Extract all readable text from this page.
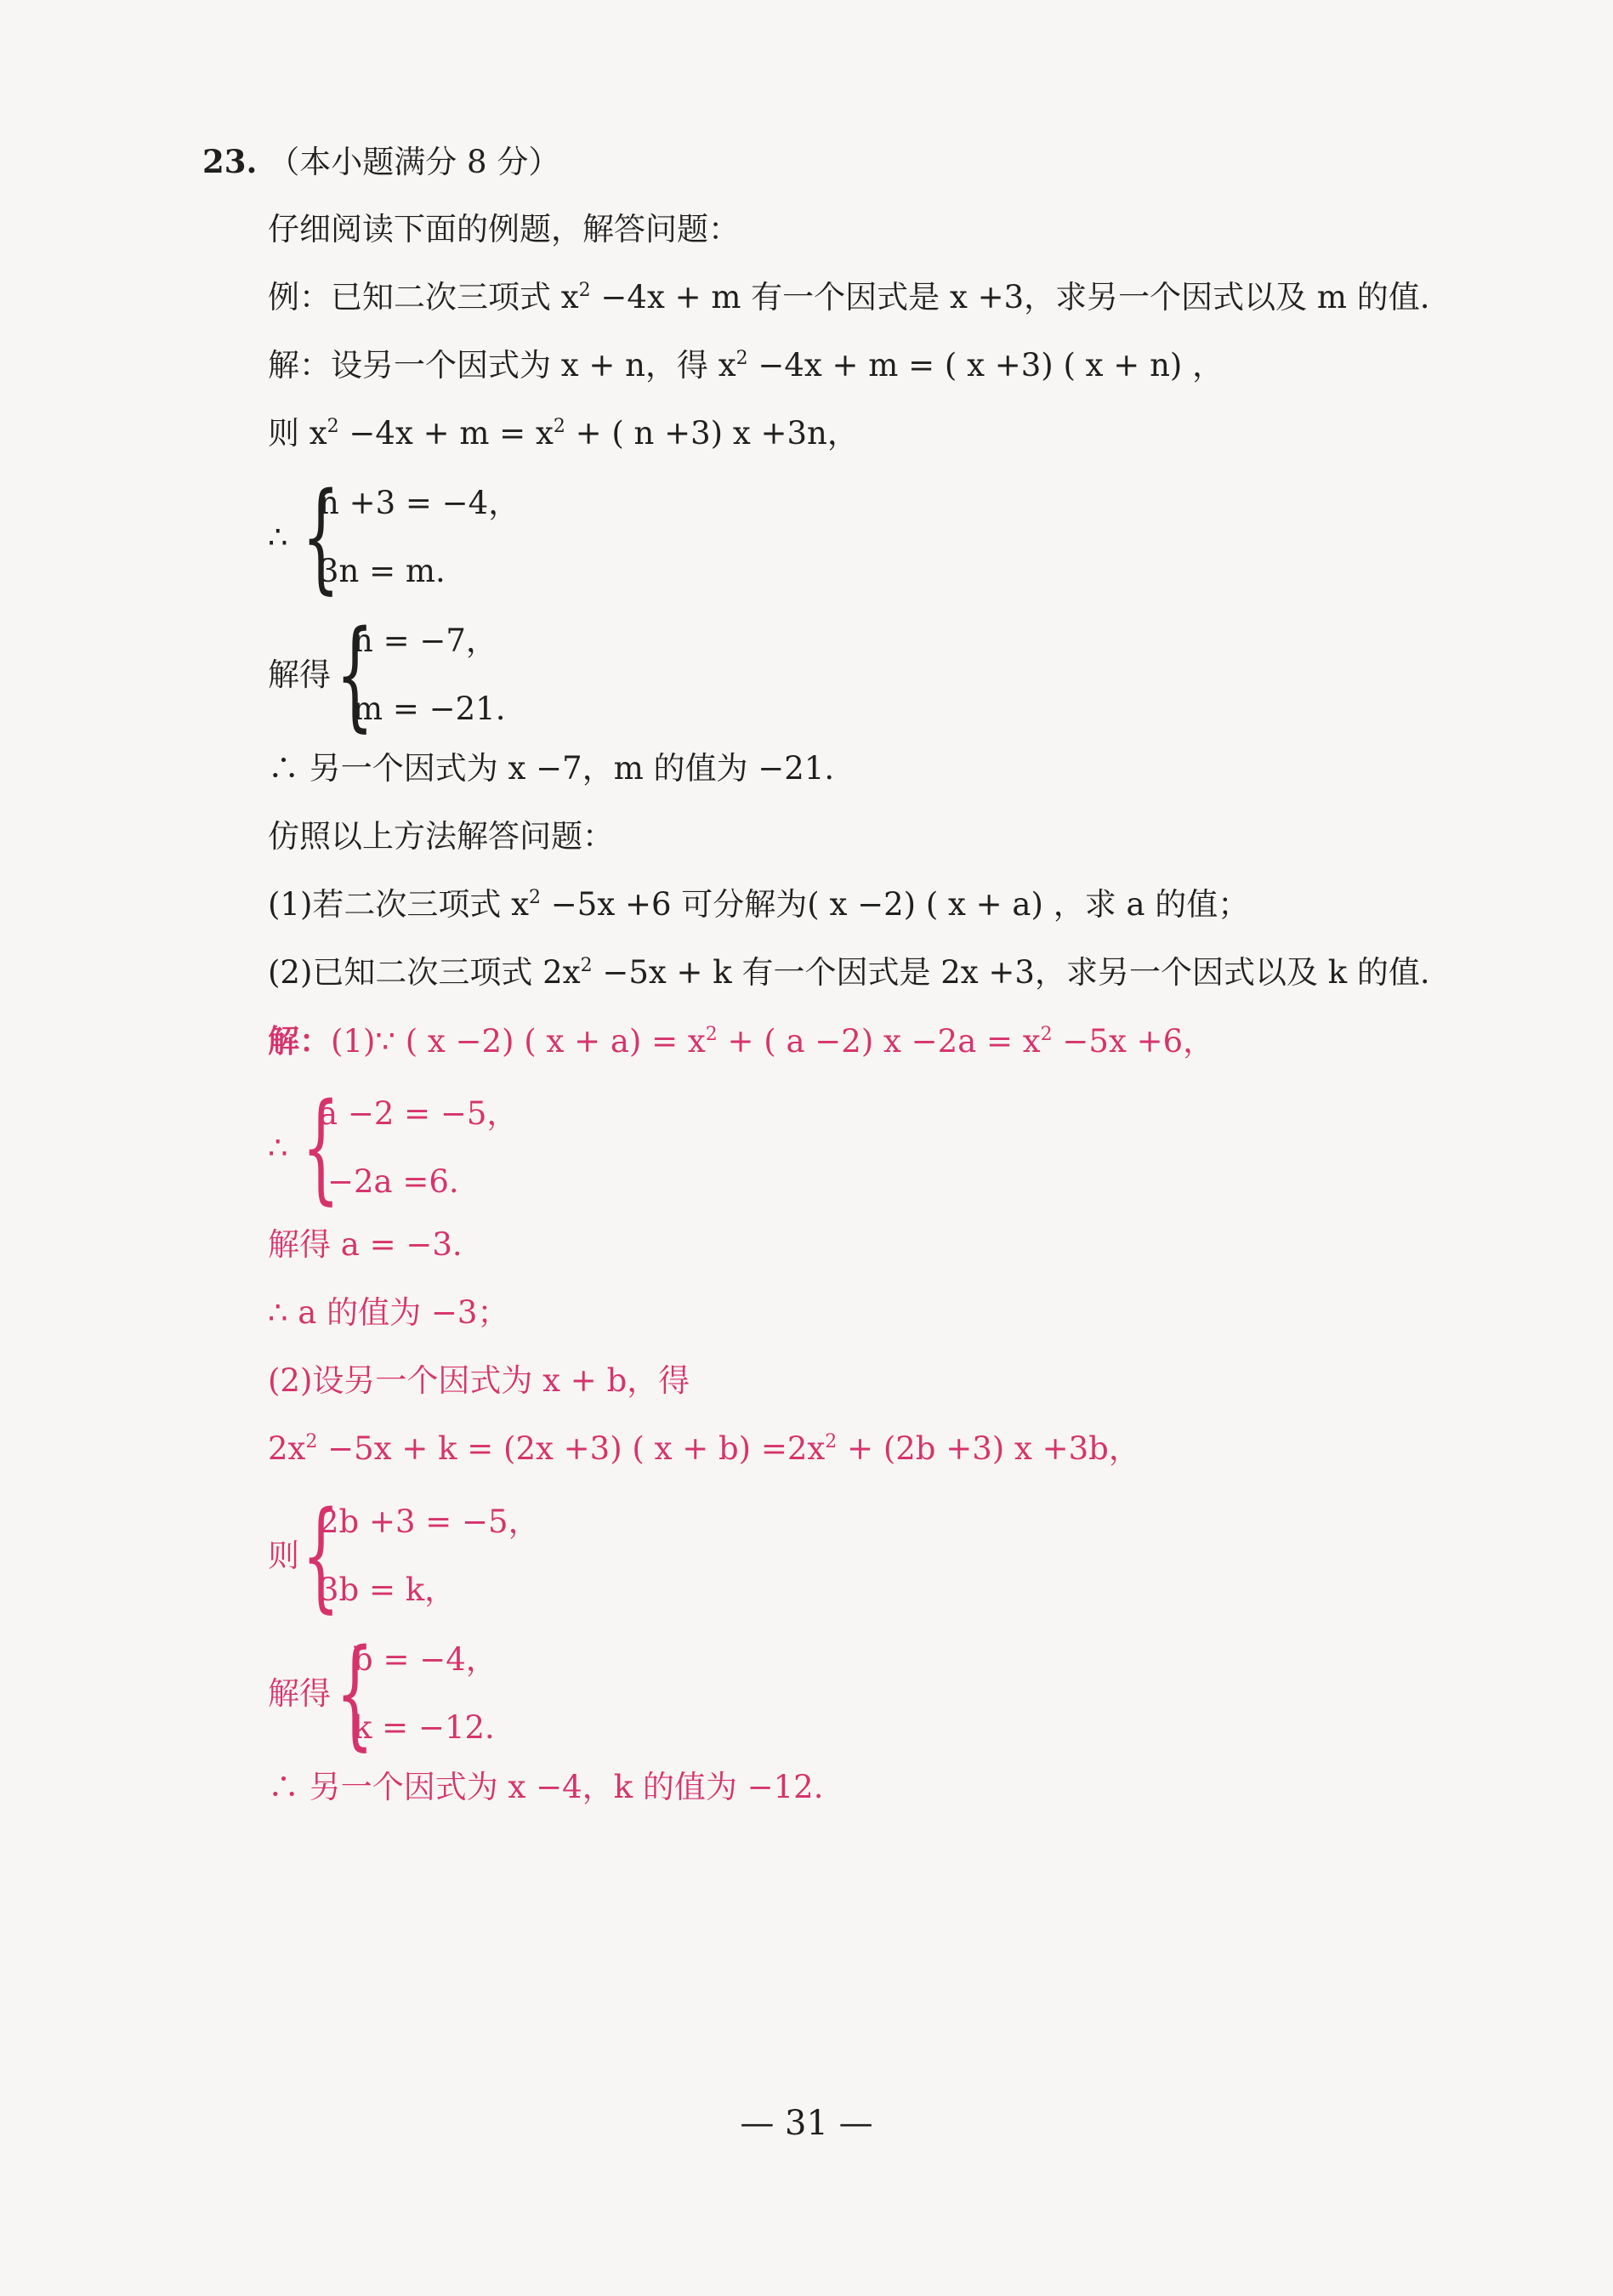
23. （本小题满分 8 分）
仔细阅读下面的例题，解答问题：
例：已知二次三项式 $x^2 -4x + m$ 有一个因式是 x +3，求另一个因式以及 m 的值.
解：设另一个因式为 x + n，得 $x^2 -4x + m$ = ( x +3) ( x + n) ，
则 $x^2 -4x + m = x^2$ + ( n +3) x +3n，
∴ {
n +3 = −4，
3n = m.
解得 {
n = −7，
m = −21.
∴ 另一个因式为 x −7，m 的值为 −21.
仿照以上方法解答问题：
(1)若二次三项式 $x^2 -5x +6$ 可分解为( x −2) ( x + a) ，求 a 的值；
(2)已知二次三项式 $2x^2 -5x + k$ 有一个因式是 2x +3，求另一个因式以及 k 的值.
解：(1)∵ ( x −2) ( $x + a) = x^2$ + ( a −2) $x -2a = x^2 -5x +6$，
∴ {
a −2 = −5，
−2a =6.
解得 a = −3.
∴ a 的值为 −3；
(2)设另一个因式为 x + b，得
$2x^2 -5x + k = (2x +3)$ ( $x + b) =2x^2 + (2b +3)$ x +3b，
则 {
2b +3 = −5，
3b = k，
解得 {
b = −4，
k = −12.
∴ 另一个因式为 x −4，k 的值为 −12.
— 31 —
